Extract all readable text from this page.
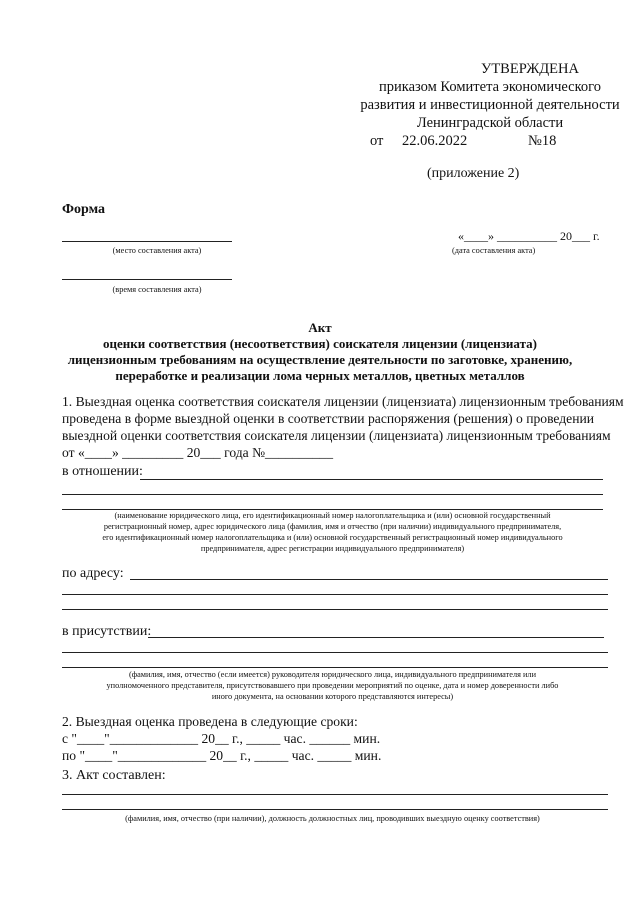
УТВЕРЖДЕНА
приказом Комитета экономического
развития и инвестиционной деятельности
Ленинградской области
от 22.06.2022	№18
(приложение 2)
Форма
(место составления акта)
«____» __________ 20___ г.
(дата составления акта)
(время составления акта)
Акт
оценки соответствия (несоответствия) соискателя лицензии (лицензиата)
лицензионным требованиям на осуществление деятельности по заготовке, хранению,
переработке и реализации лома черных металлов, цветных металлов
1. Выездная оценка соответствия соискателя лицензии (лицензиата) лицензионным требованиям
проведена в форме выездной оценки в соответствии распоряжения (решения) о проведении
выездной оценки соответствия соискателя лицензии (лицензиата) лицензионным требованиям
от «____» _________ 20___ года №__________
в отношении:
(наименование юридического лица, его идентификационный номер налогоплательщика и (или) основной государственный
регистрационный номер, адрес юридического лица (фамилия, имя и отчество (при наличии) индивидуального предпринимателя,
его идентификационный номер налогоплательщика и (или) основной государственный регистрационный номер индивидуального
предпринимателя, адрес регистрации индивидуального предпринимателя)
по адресу:
в присутствии:
(фамилия, имя, отчество (если имеется) руководителя юридического лица, индивидуального предпринимателя или
уполномоченного представителя, присутствовавшего при проведении мероприятий по оценке, дата и номер доверенности либо
иного документа, на основании которого представляются интересы)
2. Выездная оценка проведена в следующие сроки:
с "____"_____________ 20__ г., _____ час. ______ мин.
по "____"_____________ 20__ г., _____ час. _____ мин.
3. Акт составлен:
(фамилия, имя, отчество (при наличии), должность должностных лиц, проводивших выездную оценку соответствия)
